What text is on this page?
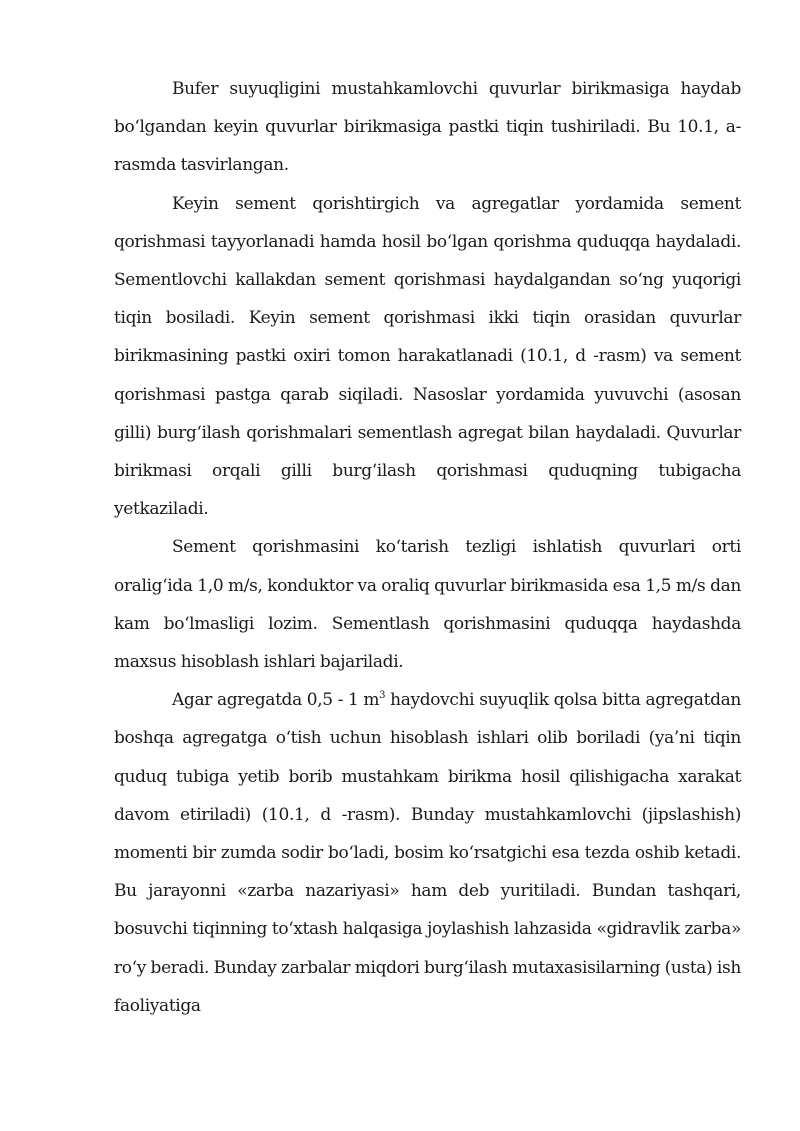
Bufer suyuqligini mustahkamlovchi quvurlar birikmasiga haydab boʻlgandan keyin quvurlar birikmasiga pastki tiqin tushiriladi. Bu 10.1, a-rasmda tasvirlangan.

Keyin sement qorishtirgich va agregatlar yordamida sement qorishmasi tayyorlanadi hamda hosil boʻlgan qorishma quduqqa haydaladi. Sementlovchi kallakdan sement qorishmasi haydalgandan soʻng yuqorigi tiqin bosiladi. Keyin sement qorishmasi ikki tiqin orasidan quvurlar birikmasining pastki oxiri tomon harakatlanadi (10.1, d -rasm) va sement qorishmasi pastga qarab siqiladi. Nasoslar yordamida yuvuvchi (asosan gilli) burgʻilash qorishmalari sementlash agregat bilan haydaladi. Quvurlar birikmasi orqali gilli burgʻilash qorishmasi quduqning tubigacha yetkaziladi.

Sement qorishmasini koʻtarish tezligi ishlatish quvurlari orti oraligʻida 1,0 m/s, konduktor va oraliq quvurlar birikmasida esa 1,5 m/s dan kam boʻlmasligi lozim. Sementlash qorishmasini quduqqa haydashda maxsus hisoblash ishlari bajariladi.

Agar agregatda 0,5 - 1 $m^3$ haydovchi suyuqlik qolsa bitta agregatdan boshqa agregatga oʻtish uchun hisoblash ishlari olib boriladi (ya’ni tiqin quduq tubiga yetib borib mustahkam birikma hosil qilishigacha xarakat davom etiriladi) (10.1, d -rasm). Bunday mustahkamlovchi (jipslashish) momenti bir zumda sodir boʻladi, bosim koʻrsatgichi esa tezda oshib ketadi. Bu jarayonni «zarba nazariyasi» ham deb yuritiladi. Bundan tashqari, bosuvchi tiqinning toʻxtash halqasiga joylashish lahzasida «gidravlik zarba» roʻy beradi. Bunday zarbalar miqdori burgʻilash mutaxasisilarning (usta) ish faoliyatiga
